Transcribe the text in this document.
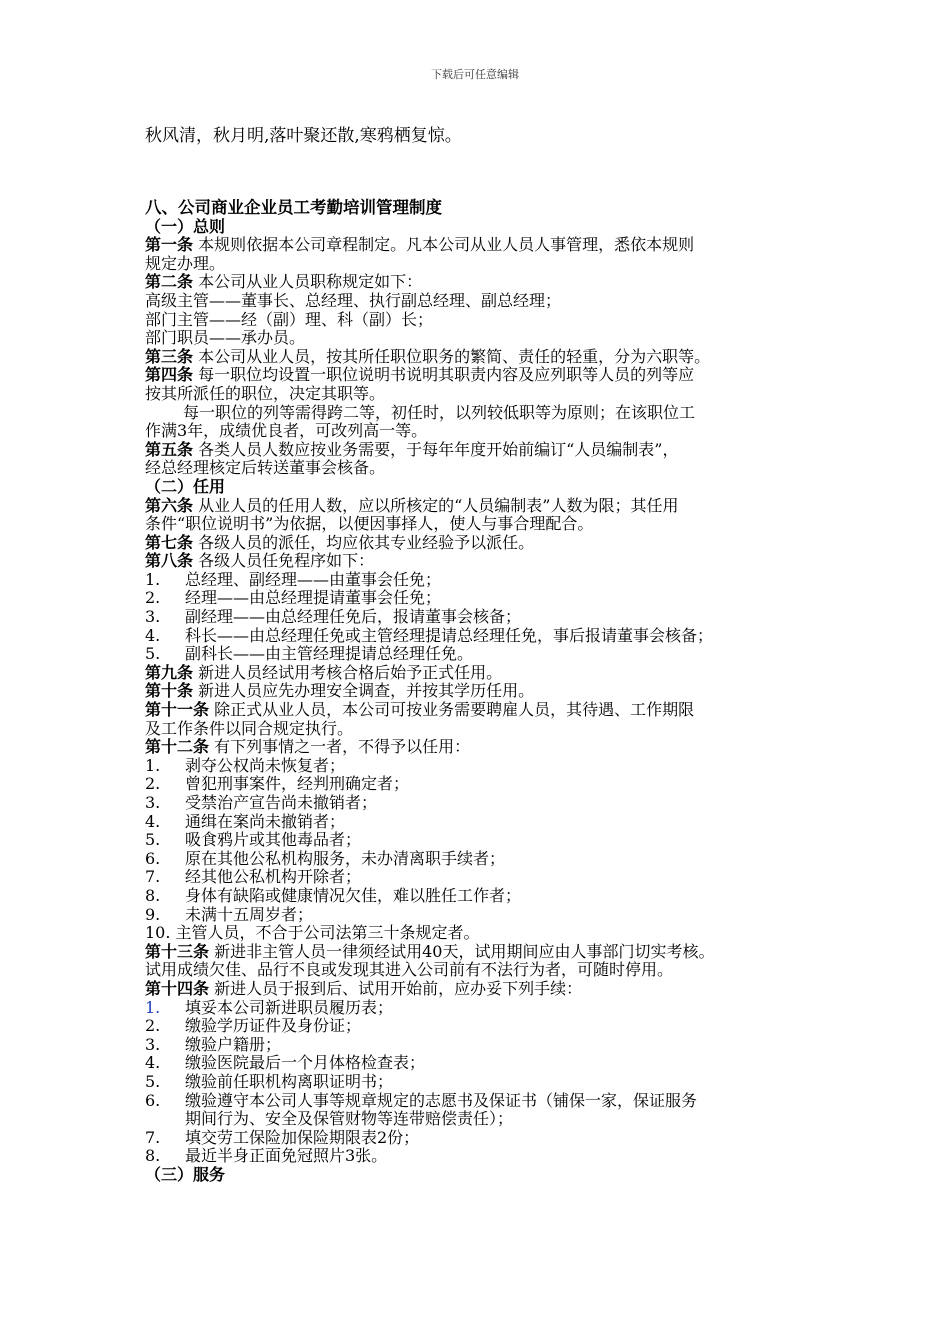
下载后可任意编辑
秋风清，秋月明,落叶聚还散,寒鸦栖复惊。
八、公司商业企业员工考勤培训管理制度
（一）总则
第一条 本规则依据本公司章程制定。凡本公司从业人员人事管理，悉依本规则
规定办理。
第二条 本公司从业人员职称规定如下：
高级主管——董事长、总经理、执行副总经理、副总经理；
部门主管——经（副）理、科（副）长；
部门职员——承办员。
第三条 本公司从业人员，按其所任职位职务的繁简、责任的轻重，分为六职等。
第四条 每一职位均设置一职位说明书说明其职责内容及应列职等人员的列等应
按其所派任的职位，决定其职等。
每一职位的列等需得跨二等，初任时，以列较低职等为原则；在该职位工
作满3年，成绩优良者，可改列高一等。
第五条 各类人员人数应按业务需要，于每年年度开始前编订“人员编制表”，
经总经理核定后转送董事会核备。
（二）任用
第六条 从业人员的任用人数，应以所核定的“人员编制表”人数为限；其任用
条件“职位说明书”为依据，以便因事择人，使人与事合理配合。
第七条 各级人员的派任，均应依其专业经验予以派任。
第八条 各级人员任免程序如下：
1. 总经理、副经理——由董事会任免；
2. 经理——由总经理提请董事会任免；
3. 副经理——由总经理任免后，报请董事会核备；
4. 科长——由总经理任免或主管经理提请总经理任免，事后报请董事会核备；
5. 副科长——由主管经理提请总经理任免。
第九条 新进人员经试用考核合格后始予正式任用。
第十条 新进人员应先办理安全调查，并按其学历任用。
第十一条 除正式从业人员，本公司可按业务需要聘雇人员，其待遇、工作期限
及工作条件以同合规定执行。
第十二条 有下列事情之一者，不得予以任用：
1. 剥夺公权尚未恢复者；
2. 曾犯刑事案件，经判刑确定者；
3. 受禁治产宣告尚未撤销者；
4. 通缉在案尚未撤销者；
5. 吸食鸦片或其他毒品者；
6. 原在其他公私机构服务，未办清离职手续者；
7. 经其他公私机构开除者；
8. 身体有缺陷或健康情况欠佳，难以胜任工作者；
9. 未满十五周岁者；
10. 主管人员，不合于公司法第三十条规定者。
第十三条 新进非主管人员一律须经试用40天，试用期间应由人事部门切实考核。
试用成绩欠佳、品行不良或发现其进入公司前有不法行为者，可随时停用。
第十四条 新进人员于报到后、试用开始前，应办妥下列手续：
1. 填妥本公司新进职员履历表；
2. 缴验学历证件及身份证；
3. 缴验户籍册；
4. 缴验医院最后一个月体格检查表；
5. 缴验前任职机构离职证明书；
6. 缴验遵守本公司人事等规章规定的志愿书及保证书（铺保一家，保证服务
期间行为、安全及保管财物等连带赔偿责任）；
7. 填交劳工保险加保险期限表2份；
8. 最近半身正面免冠照片3张。
（三）服务
